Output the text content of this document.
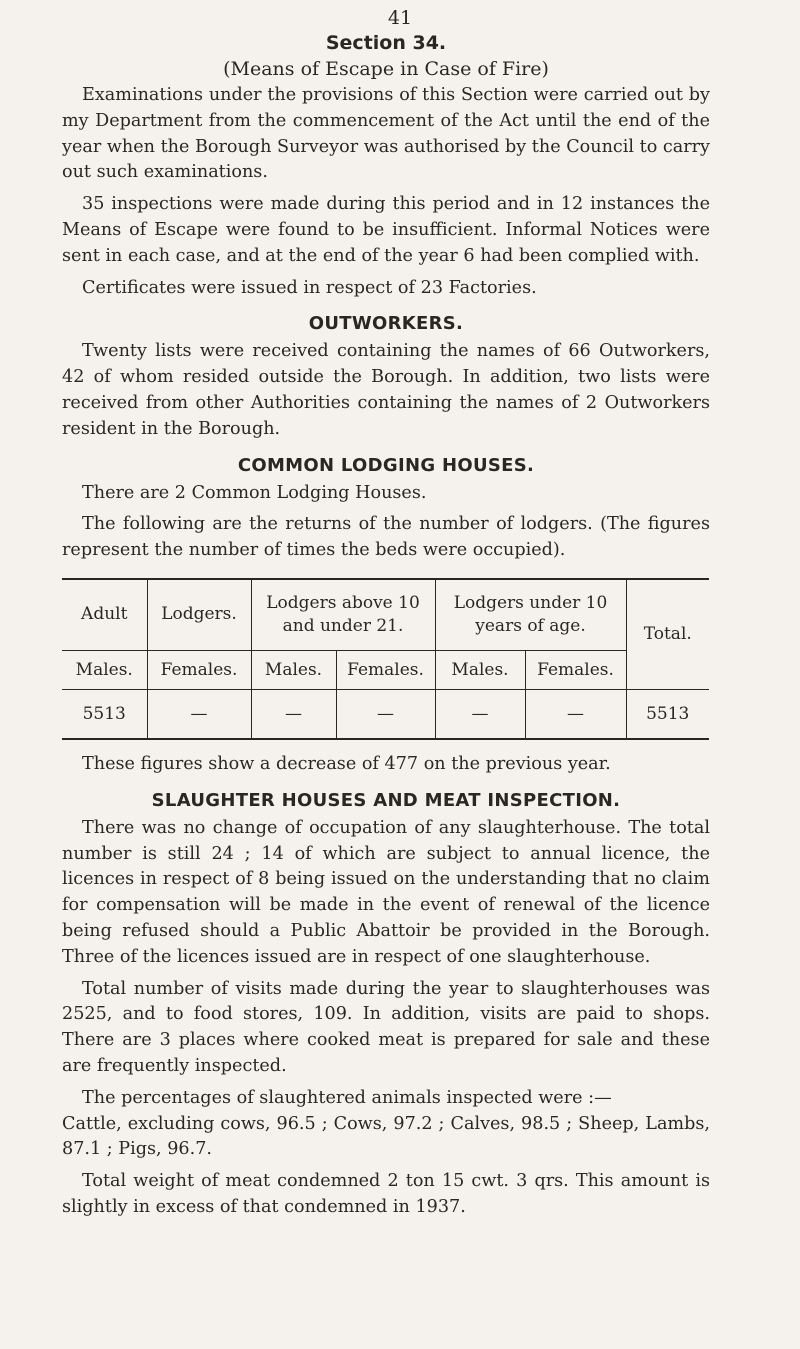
41
Section 34.
(Means of Escape in Case of Fire)

Examinations under the provisions of this Section were carried out by my Department from the commencement of the Act until the end of the year when the Borough Surveyor was authorised by the Council to carry out such examinations.

35 inspections were made during this period and in 12 instances the Means of Escape were found to be insufficient. Informal Notices were sent in each case, and at the end of the year 6 had been complied with.

Certificates were issued in respect of 23 Factories.

OUTWORKERS.

Twenty lists were received containing the names of 66 Outworkers, 42 of whom resided outside the Borough. In addition, two lists were received from other Authorities containing the names of 2 Outworkers resident in the Borough.

COMMON LODGING HOUSES.

There are 2 Common Lodging Houses.

The following are the returns of the number of lodgers. (The figures represent the number of times the beds were occupied).

Adult	Lodgers.	Lodgers above 10 and under 21.		Lodgers under 10 years of age.		Total.
Males.	Females.	Males.	Females.	Males.	Females.	
5513	—	—	—	—	—	5513

These figures show a decrease of 477 on the previous year.

SLAUGHTER HOUSES AND MEAT INSPECTION.

There was no change of occupation of any slaughterhouse. The total number is still 24 ; 14 of which are subject to annual licence, the licences in respect of 8 being issued on the understanding that no claim for compensation will be made in the event of renewal of the licence being refused should a Public Abattoir be provided in the Borough. Three of the licences issued are in respect of one slaughterhouse.

Total number of visits made during the year to slaughterhouses was 2525, and to food stores, 109. In addition, visits are paid to shops. There are 3 places where cooked meat is prepared for sale and these are frequently inspected.

The percentages of slaughtered animals inspected were :—

Cattle, excluding cows, 96.5 ; Cows, 97.2 ; Calves, 98.5 ; Sheep, Lambs, 87.1 ; Pigs, 96.7.

Total weight of meat condemned 2 ton 15 cwt. 3 qrs. This amount is slightly in excess of that condemned in 1937.
